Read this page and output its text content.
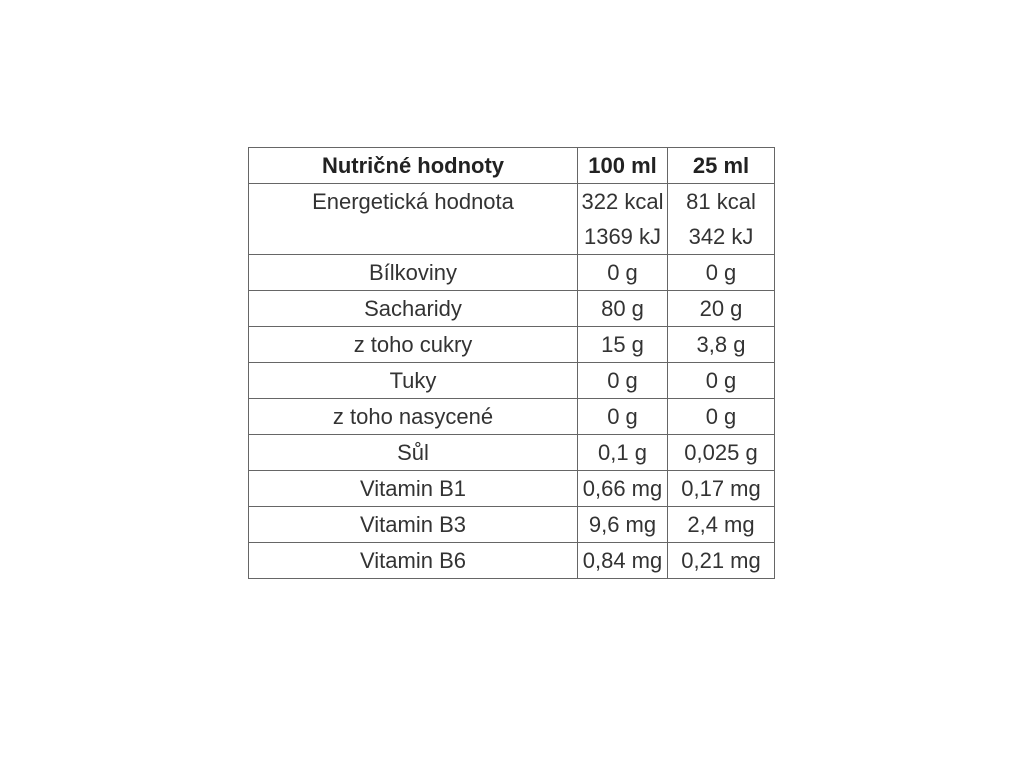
Nutričné hodnoty	100 ml	25 ml
Energetická hodnota	322 kcal 1369 kJ	81 kcal 342 kJ
Bílkoviny	0 g	0 g
Sacharidy	80 g	20 g
z toho cukry	15 g	3,8 g
Tuky	0 g	0 g
z toho nasycené	0 g	0 g
Sůl	0,1 g	0,025 g
Vitamin B1	0,66 mg	0,17 mg
Vitamin B3	9,6 mg	2,4 mg
Vitamin B6	0,84 mg	0,21 mg
